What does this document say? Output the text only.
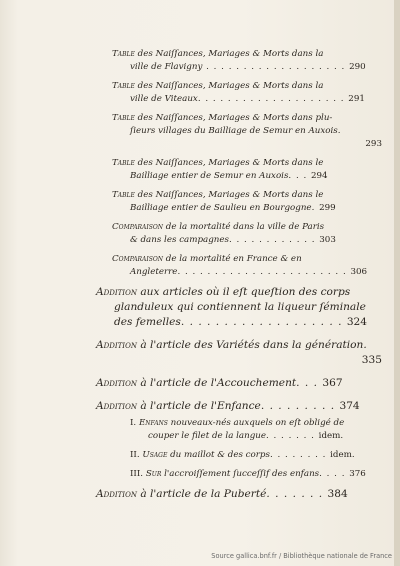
Table des Naiſſances, Mariages & Morts dans la
ville de Flavigny . . . . . . . . . . . . . . . . . . . 290
Table des Naiſſances, Mariages & Morts dans la
ville de Viteaux. . . . . . . . . . . . . . . . . . . . 291
Table des Naiſſances, Mariages & Morts dans plu-
ſieurs villages du Bailliage de Semur en Auxois.
293
Table des Naiſſances, Mariages & Morts dans le
Bailliage entier de Semur en Auxois. . . 294
Table des Naiſſances, Mariages & Morts dans le
Bailliage entier de Saulieu en Bourgogne. 299
Comparaison de la mortalité dans la ville de Paris
& dans les campagnes. . . . . . . . . . . . 303
Comparaison de la mortalité en France & en
Angleterre. . . . . . . . . . . . . . . . . . . . . . . 306
Addition aux articles où il eſt queſtion des corps
glanduleux qui contiennent la liqueur ſéminale
des femelles. . . . . . . . . . . . . . . . . . . 324
Addition à l'article des Variétés dans la génération.
335
Addition à l'article de l'Accouchement. . . 367
Addition à l'article de l'Enfance. . . . . . . . . 374
I. Enfans nouveaux-nés auxquels on eſt obligé de
couper le filet de la langue. . . . . . . idem.
II. Usage du maillot & des corps. . . . . . . . idem.
III. Sur l'accroiſſement ſucceſſif des enfans. . . . 376
Addition à l'article de la Puberté. . . . . . . 384
Source gallica.bnf.fr / Bibliothèque nationale de France
